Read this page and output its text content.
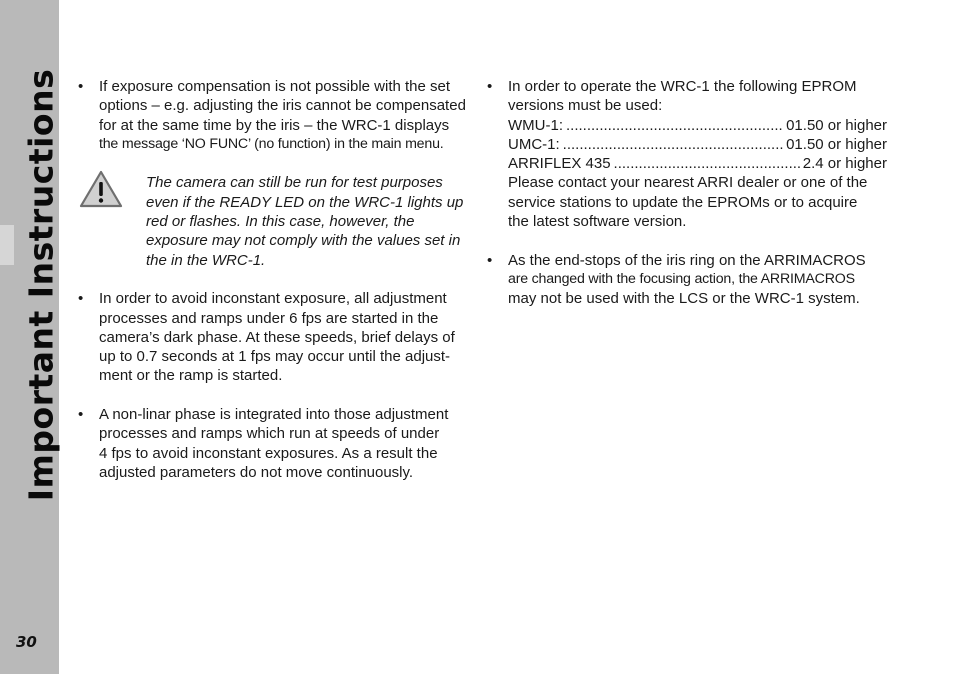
Important Instructions
30
• If exposure compensation is not possible with the set
options – e.g. adjusting the iris cannot be compensated
for at the same time by the iris – the WRC-1 displays
the message ‘NO FUNC’ (no function) in the main menu.
The camera can still be run for test purposes
even if the READY LED on the WRC-1 lights up
red or flashes. In this case, however, the
exposure may not comply with the values set in
the in the WRC-1.
• In order to avoid inconstant exposure, all adjustment
processes and ramps under 6 fps are started in the
camera’s dark phase. At these speeds, brief delays of
up to 0.7 seconds at 1 fps may occur until the adjust-
ment or the ramp is started.
• A non-linar phase is integrated into those adjustment
processes and ramps which run at speeds of under
4 fps to avoid inconstant exposures. As a result the
adjusted parameters do not move continuously.
• In order to operate the WRC-1 the following EPROM
versions must be used:
WMU-1: .....	01.50 or higher
UMC-1: .....	01.50 or higher
ARRIFLEX 435 .....	2.4 or higher
Please contact your nearest ARRI dealer or one of the
service stations to update the EPROMs or to acquire
the latest software version.
• As the end-stops of the iris ring on the ARRIMACROS
are changed with the focusing action, the ARRIMACROS
may not be used with the LCS or the WRC-1 system.
